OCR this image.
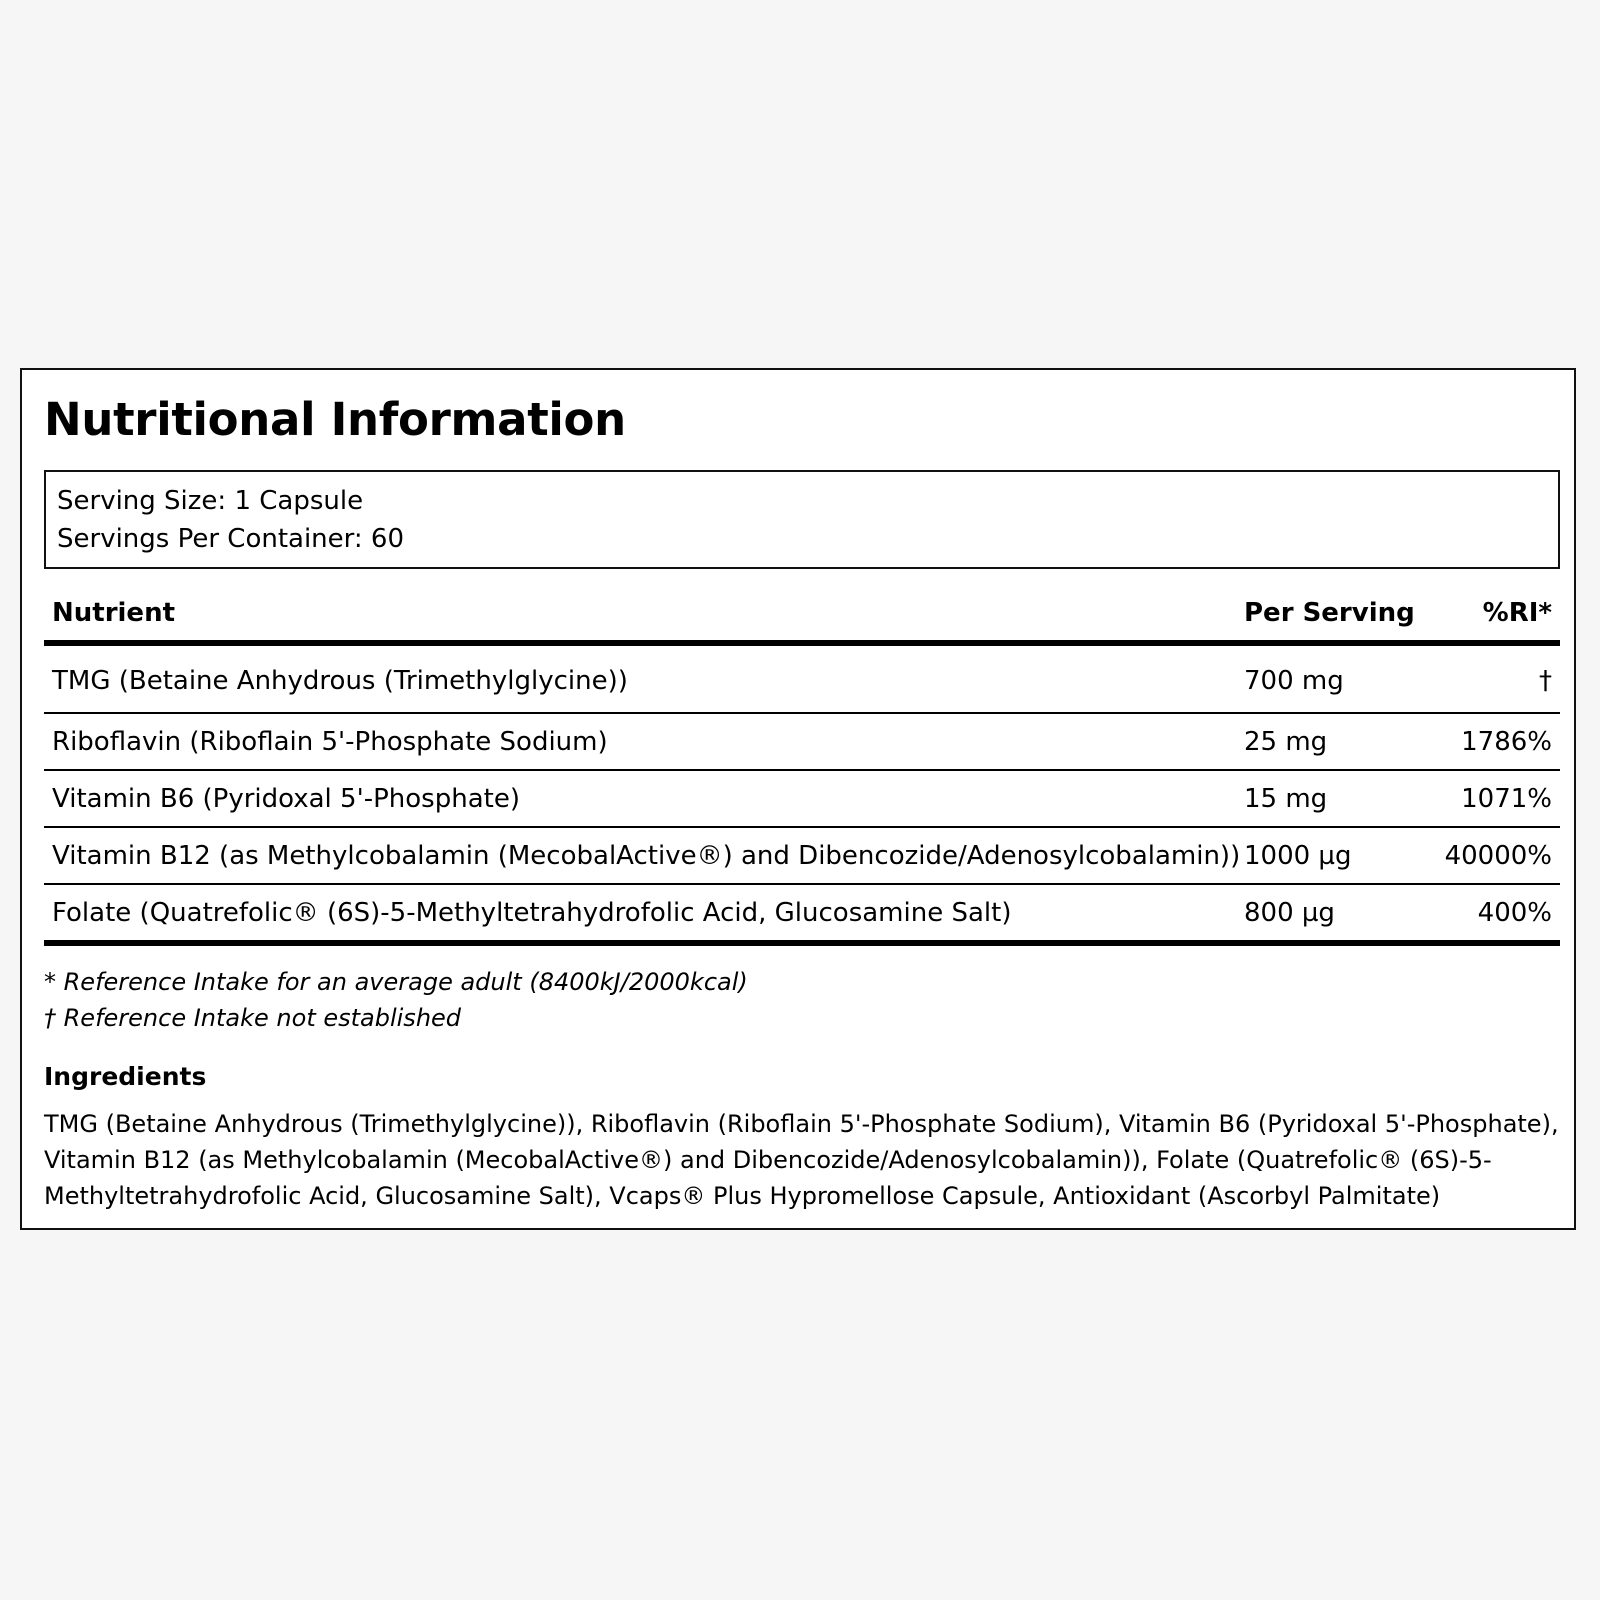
Nutritional Information
Serving Size: 1 Capsule
Servings Per Container: 60
Nutrient	Per Serving	%RI*
TMG (Betaine Anhydrous (Trimethylglycine))	700 mg	†
Riboflavin (Riboflain 5'-Phosphate Sodium)	25 mg	1786%
Vitamin B6 (Pyridoxal 5'-Phosphate)	15 mg	1071%
Vitamin B12 (as Methylcobalamin (MecobalActive®) and Dibencozide/Adenosylcobalamin))	1000 µg	40000%
Folate (Quatrefolic® (6S)-5-Methyltetrahydrofolic Acid, Glucosamine Salt)	800 µg	400%
* Reference Intake for an average adult (8400kJ/2000kcal)
† Reference Intake not established
Ingredients

TMG (Betaine Anhydrous (Trimethylglycine)), Riboflavin (Riboflain 5'-Phosphate Sodium), Vitamin B6 (Pyridoxal 5'-Phosphate), Vitamin B12 (as Methylcobalamin (MecobalActive®) and Dibencozide/Adenosylcobalamin)), Folate (Quatrefolic® (6S)-5-Methyltetrahydrofolic Acid, Glucosamine Salt), Vcaps® Plus Hypromellose Capsule, Antioxidant (Ascorbyl Palmitate)
